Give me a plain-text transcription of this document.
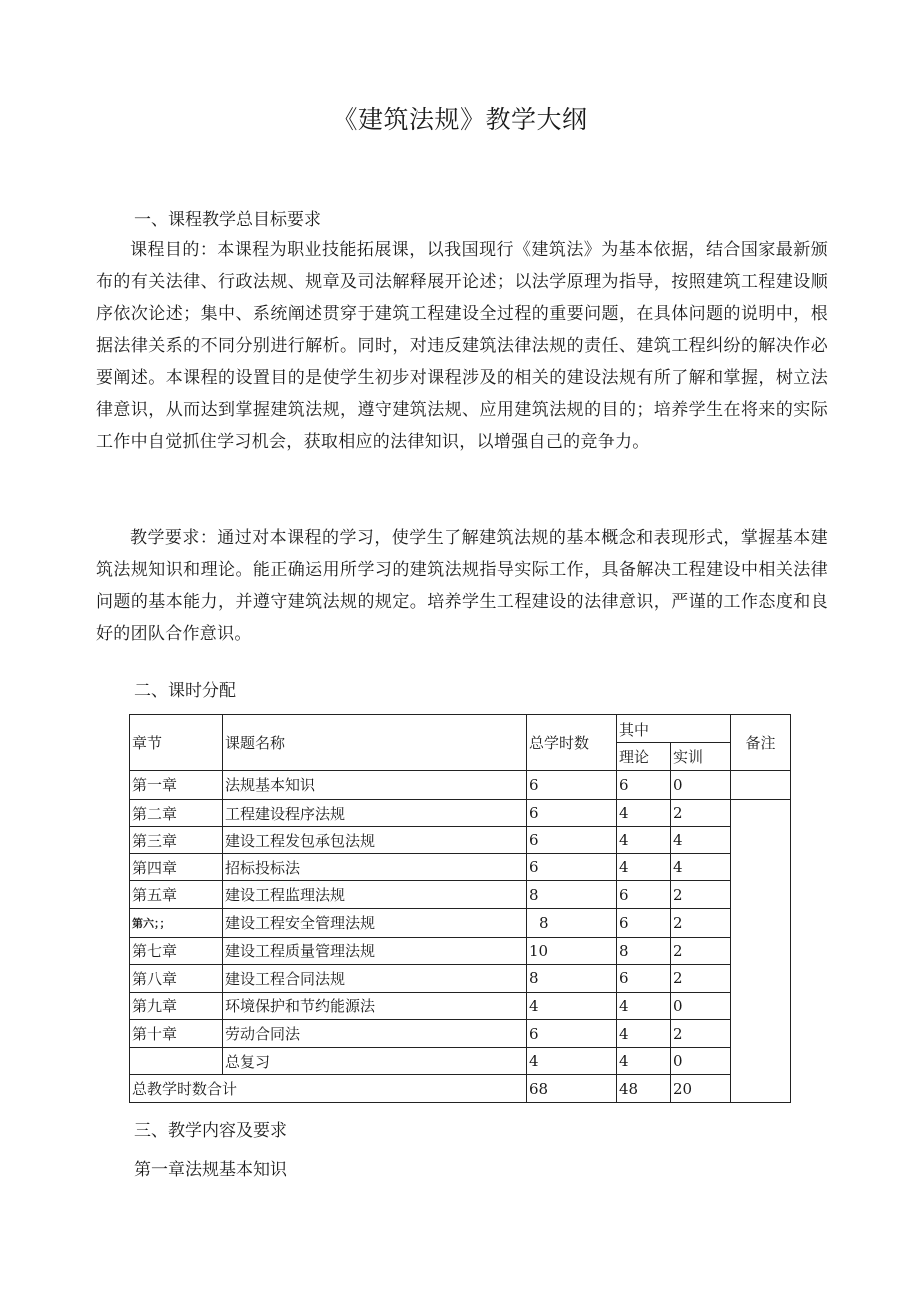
《建筑法规》教学大纲
一、课程教学总目标要求

课程目的：本课程为职业技能拓展课，以我国现行《建筑法》为基本依据，结合国家最新颁布的有关法律、行政法规、规章及司法解释展开论述；以法学原理为指导，按照建筑工程建设顺序依次论述；集中、系统阐述贯穿于建筑工程建设全过程的重要问题，在具体问题的说明中，根据法律关系的不同分别进行解析。同时，对违反建筑法律法规的责任、建筑工程纠纷的解决作必要阐述。本课程的设置目的是使学生初步对课程涉及的相关的建设法规有所了解和掌握，树立法律意识，从而达到掌握建筑法规，遵守建筑法规、应用建筑法规的目的；培养学生在将来的实际工作中自觉抓住学习机会，获取相应的法律知识，以增强自己的竞争力。

教学要求：通过对本课程的学习，使学生了解建筑法规的基本概念和表现形式，掌握基本建筑法规知识和理论。能正确运用所学习的建筑法规指导实际工作，具备解决工程建设中相关法律问题的基本能力，并遵守建筑法规的规定。培养学生工程建设的法律意识，严谨的工作态度和良好的团队合作意识。

二、课时分配
章节	课题名称	总学时数	其中		备注
			理论	实训	
第一章	法规基本知识	6	6	0	
第二章	工程建设程序法规	6	4	2	
第三章	建设工程发包承包法规	6	4	4	
第四章	招标投标法	6	4	4	
第五章	建设工程监理法规	8	6	2	
第六；；	建设工程安全管理法规	8	6	2	
第七章	建设工程质量管理法规	10	8	2	
第八章	建设工程合同法规	8	6	2	
第九章	环境保护和节约能源法	4	4	0	
第十章	劳动合同法	6	4	2	
	总复习	4	4	0	
总教学时数合计		68	48	20	
三、教学内容及要求
第一章法规基本知识
